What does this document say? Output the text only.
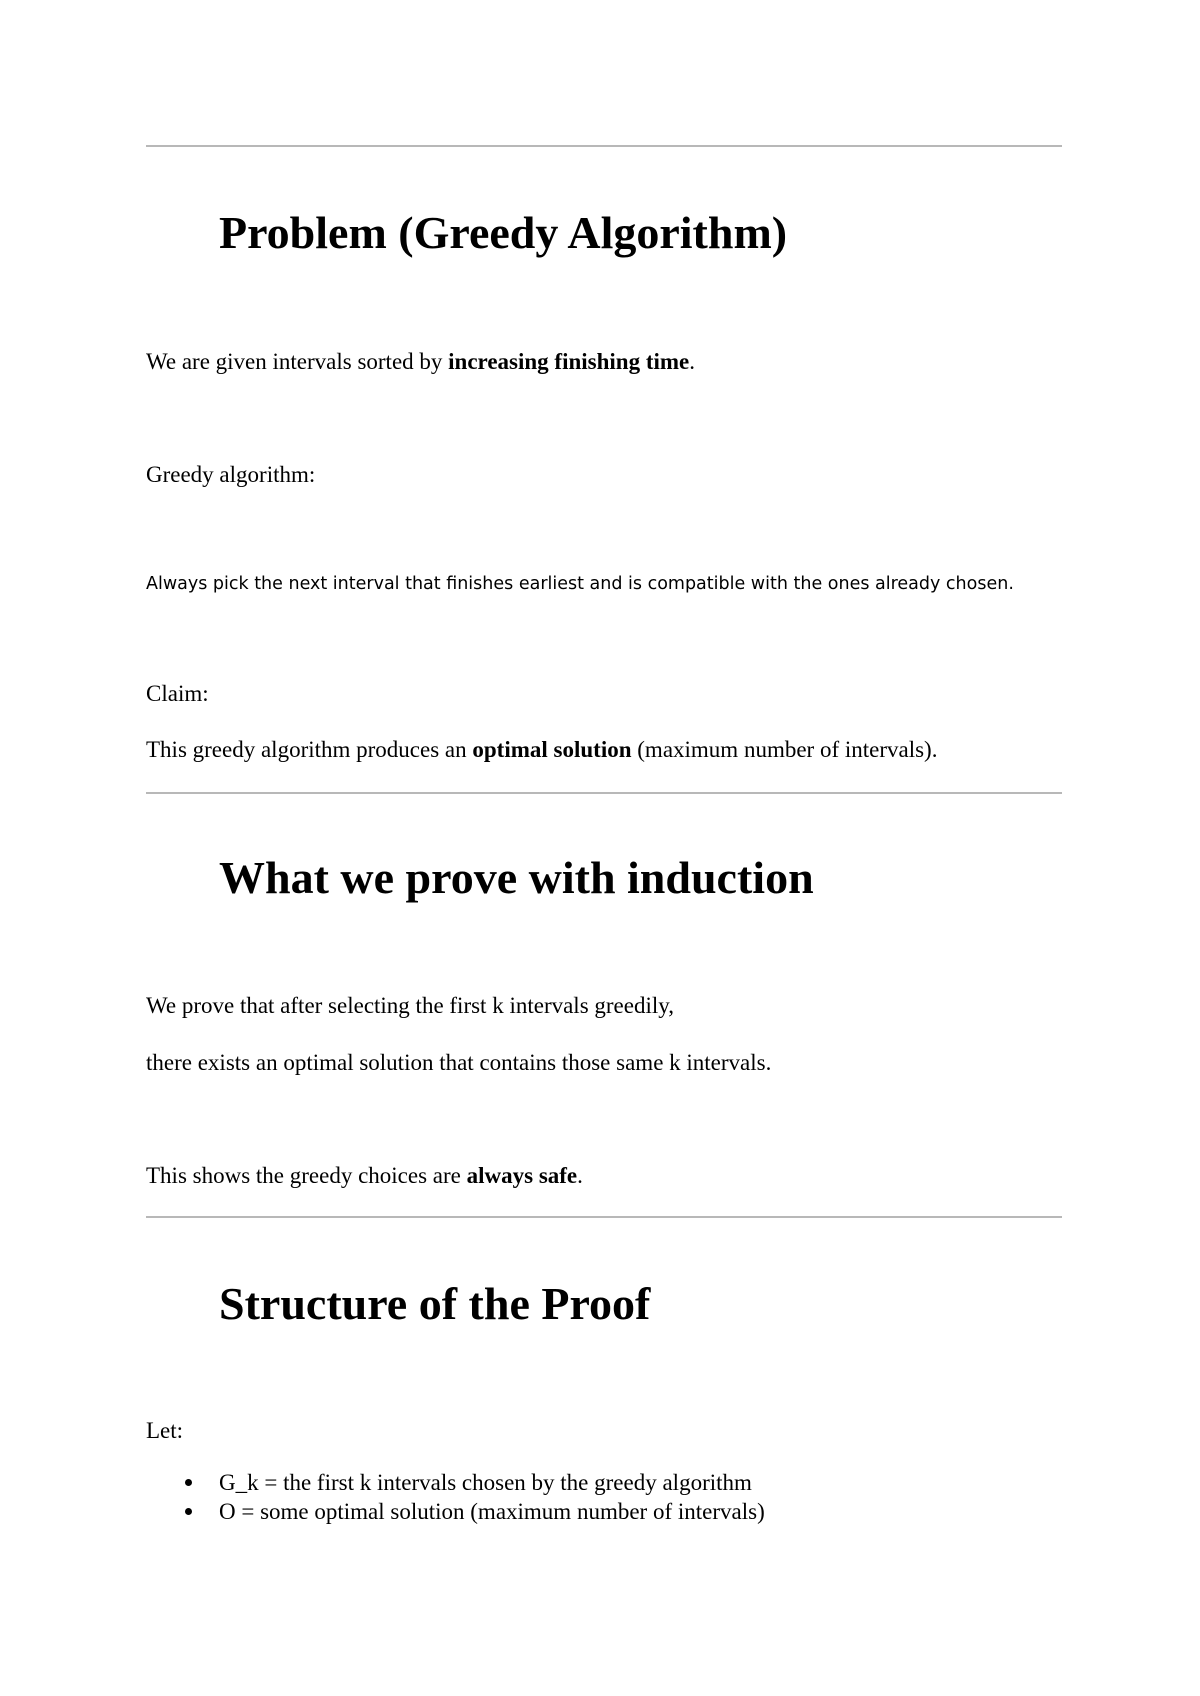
Problem (Greedy Algorithm)

We are given intervals sorted by increasing finishing time.

Greedy algorithm:

Always pick the next interval that finishes earliest and is compatible with the ones already chosen.

Claim:

This greedy algorithm produces an optimal solution (maximum number of intervals).

What we prove with induction

We prove that after selecting the first k intervals greedily,

there exists an optimal solution that contains those same k intervals.

This shows the greedy choices are always safe.

Structure of the Proof

Let:

G_k = the first k intervals chosen by the greedy algorithm
O = some optimal solution (maximum number of intervals)
